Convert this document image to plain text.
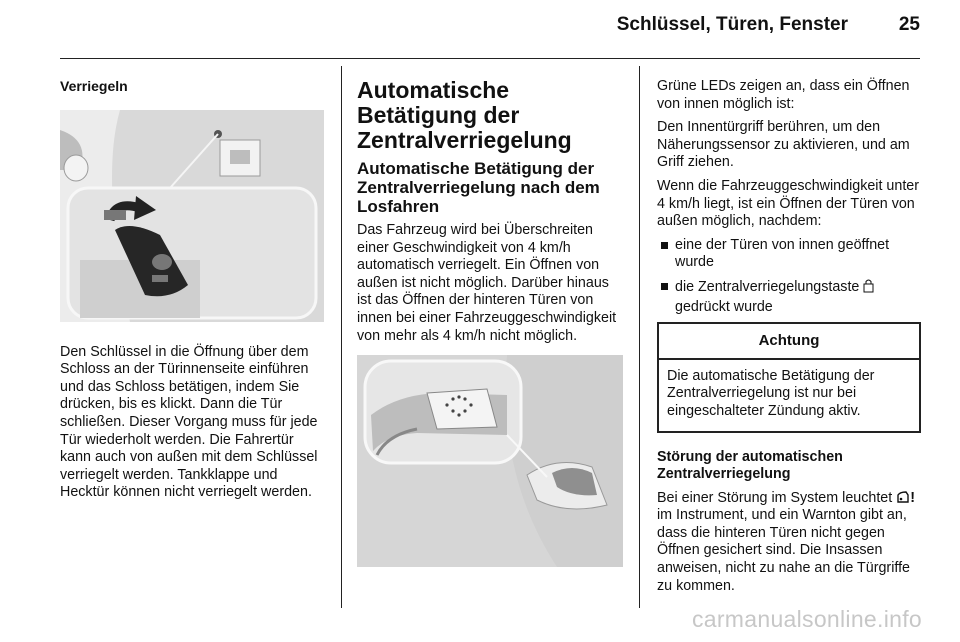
Schlüssel, Türen, Fenster	25

Verriegeln

Den Schlüssel in die Öffnung über dem Schloss an der Türinnenseite einführen und das Schloss betätigen, indem Sie drücken, bis es klickt. Dann die Tür schließen. Dieser Vorgang muss für jede Tür wiederholt werden. Die Fahrertür kann auch von außen mit dem Schlüssel verriegelt werden. Tankklappe und Hecktür können nicht verriegelt werden.

Automatische Betätigung der Zentralverriegelung

Automatische Betätigung der Zentralverriegelung nach dem Losfahren

Das Fahrzeug wird bei Überschreiten einer Geschwindigkeit von 4 km/h automatisch verriegelt. Ein Öffnen von außen ist nicht möglich. Darüber hinaus ist das Öffnen der hinteren Türen von innen bei einer Fahrzeuggeschwindigkeit von mehr als 4 km/h nicht möglich.

Grüne LEDs zeigen an, dass ein Öffnen von innen möglich ist:

Den Innentürgriff berühren, um den Näherungssensor zu aktivieren, und am Griff ziehen.

Wenn die Fahrzeuggeschwindigkeit unter 4 km/h liegt, ist ein Öffnen der Türen von außen möglich, nachdem:

eine der Türen von innen geöffnet wurde
die Zentralverriegelungstaste  gedrückt wurde
Achtung
Die automatische Betätigung der Zentralverriegelung ist nur bei eingeschalteter Zündung aktiv.

Störung der automatischen Zentralverriegelung

Bei einer Störung im System leuchtet ! im Instrument, und ein Warnton gibt an, dass die hinteren Türen nicht gegen Öffnen gesichert sind. Die Insassen anweisen, nicht zu nahe an die Türgriffe zu kommen.

carmanualsonline.info
